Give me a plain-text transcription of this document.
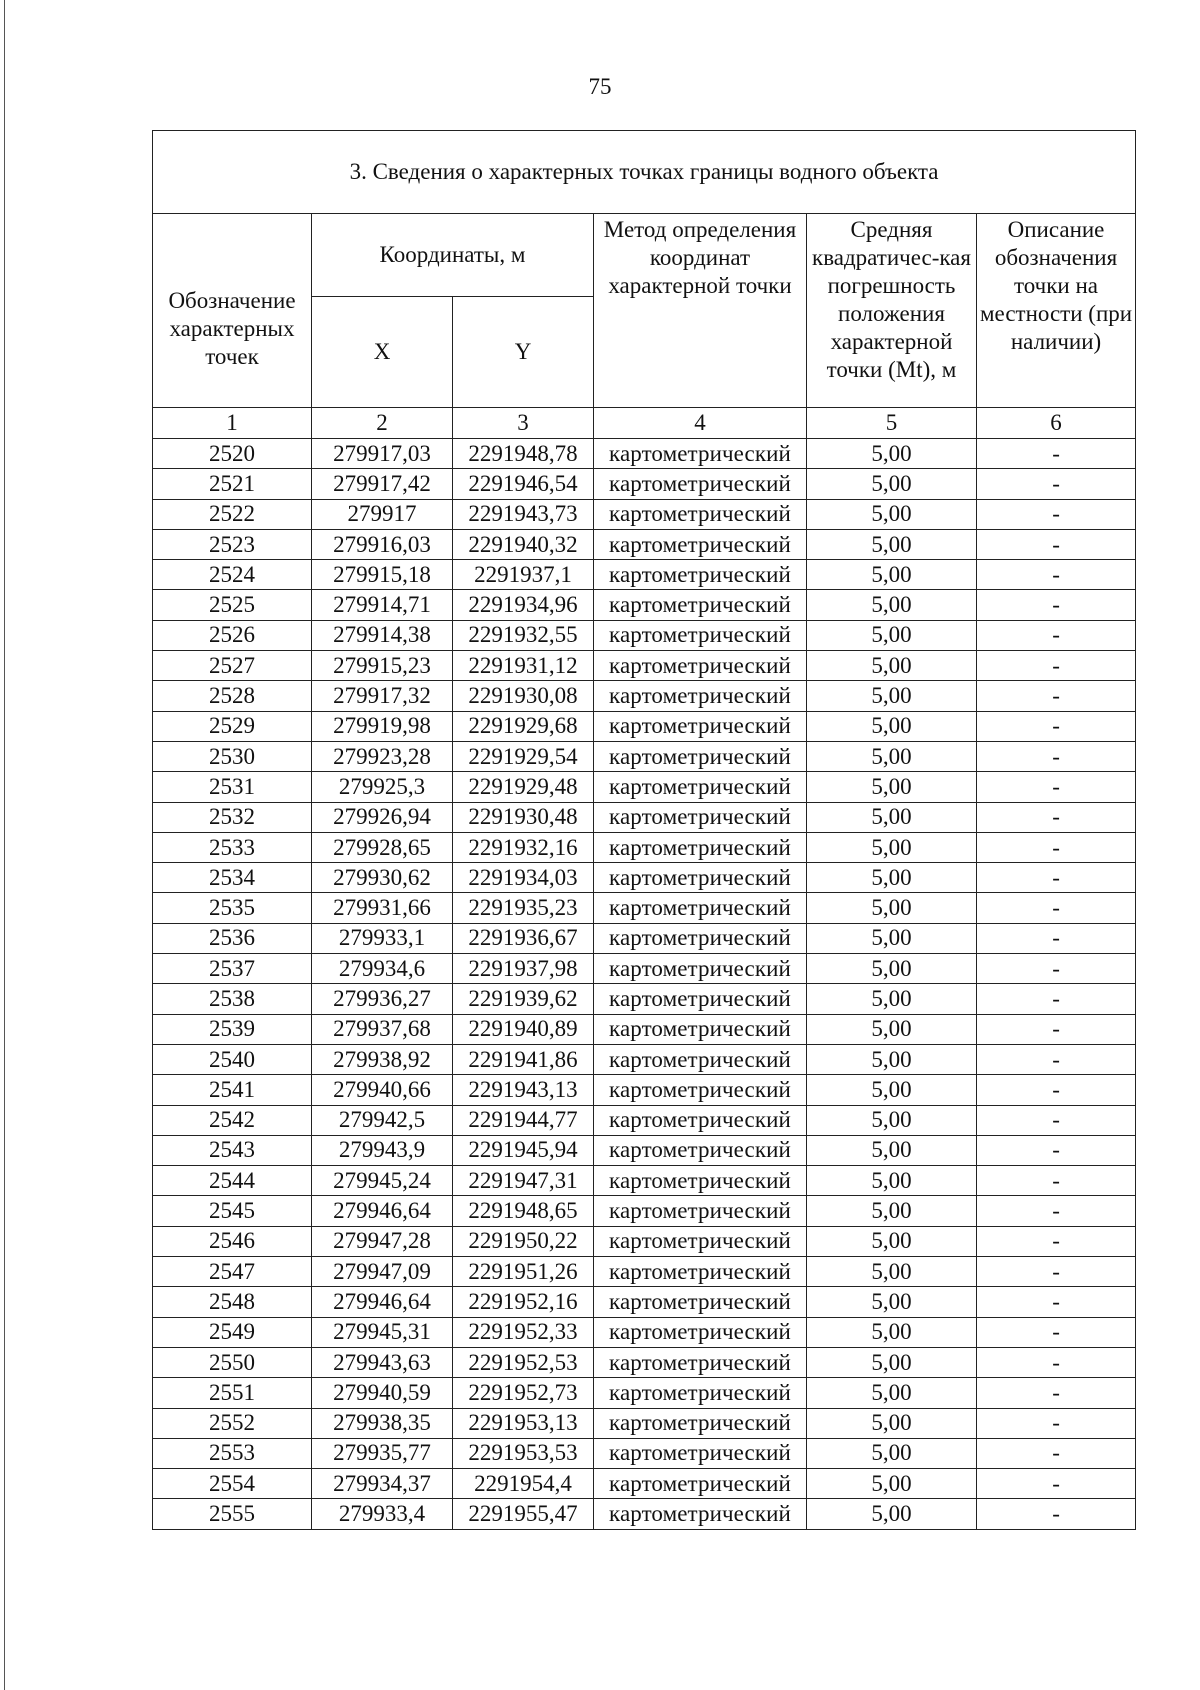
75
3. Сведения о характерных точках границы водного объекта					
Обозначение характерных точек	Координаты, м		Метод определения координат характерной точки	Средняя квадратичес-кая погрешность положения характерной точки (Mt), м	Описание обозначения точки на местности (при наличии)
	X	Y			
1	2	3	4	5	6
2520	279917,03	2291948,78	картометрический	5,00	-
2521	279917,42	2291946,54	картометрический	5,00	-
2522	279917	2291943,73	картометрический	5,00	-
2523	279916,03	2291940,32	картометрический	5,00	-
2524	279915,18	2291937,1	картометрический	5,00	-
2525	279914,71	2291934,96	картометрический	5,00	-
2526	279914,38	2291932,55	картометрический	5,00	-
2527	279915,23	2291931,12	картометрический	5,00	-
2528	279917,32	2291930,08	картометрический	5,00	-
2529	279919,98	2291929,68	картометрический	5,00	-
2530	279923,28	2291929,54	картометрический	5,00	-
2531	279925,3	2291929,48	картометрический	5,00	-
2532	279926,94	2291930,48	картометрический	5,00	-
2533	279928,65	2291932,16	картометрический	5,00	-
2534	279930,62	2291934,03	картометрический	5,00	-
2535	279931,66	2291935,23	картометрический	5,00	-
2536	279933,1	2291936,67	картометрический	5,00	-
2537	279934,6	2291937,98	картометрический	5,00	-
2538	279936,27	2291939,62	картометрический	5,00	-
2539	279937,68	2291940,89	картометрический	5,00	-
2540	279938,92	2291941,86	картометрический	5,00	-
2541	279940,66	2291943,13	картометрический	5,00	-
2542	279942,5	2291944,77	картометрический	5,00	-
2543	279943,9	2291945,94	картометрический	5,00	-
2544	279945,24	2291947,31	картометрический	5,00	-
2545	279946,64	2291948,65	картометрический	5,00	-
2546	279947,28	2291950,22	картометрический	5,00	-
2547	279947,09	2291951,26	картометрический	5,00	-
2548	279946,64	2291952,16	картометрический	5,00	-
2549	279945,31	2291952,33	картометрический	5,00	-
2550	279943,63	2291952,53	картометрический	5,00	-
2551	279940,59	2291952,73	картометрический	5,00	-
2552	279938,35	2291953,13	картометрический	5,00	-
2553	279935,77	2291953,53	картометрический	5,00	-
2554	279934,37	2291954,4	картометрический	5,00	-
2555	279933,4	2291955,47	картометрический	5,00	-
